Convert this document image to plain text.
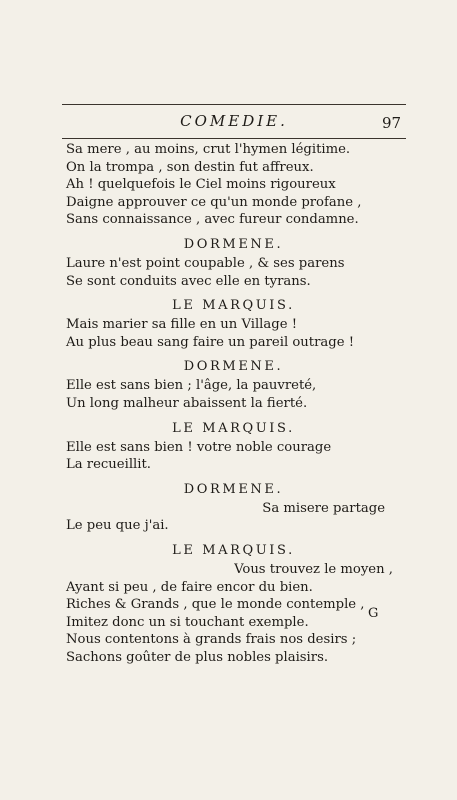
COMEDIE.	97
Sa mere , au moins, crut l'hymen légitime.
On la trompa , son destin fut affreux.
Ah ! quelquefois le Ciel moins rigoureux
Daigne approuver ce qu'un monde profane ,
Sans connaissance , avec fureur condamne.
DORMENE.
Laure n'est point coupable , & ses parens
Se sont conduits avec elle en tyrans.
LE MARQUIS.
Mais marier sa fille en un Village !
Au plus beau sang faire un pareil outrage !
DORMENE.
Elle est sans bien ; l'âge, la pauvreté,
Un long malheur abaissent la fierté.
LE MARQUIS.
Elle est sans bien ! votre noble courage
La recueillit.
DORMENE.
Sa misere partage
Le peu que j'ai.
LE MARQUIS.
Vous trouvez le moyen ,
Ayant si peu , de faire encor du bien.
Riches & Grands , que le monde contemple ,
Imitez donc un si touchant exemple.
Nous contentons à grands frais nos desirs ;
Sachons goûter de plus nobles plaisirs.
G
